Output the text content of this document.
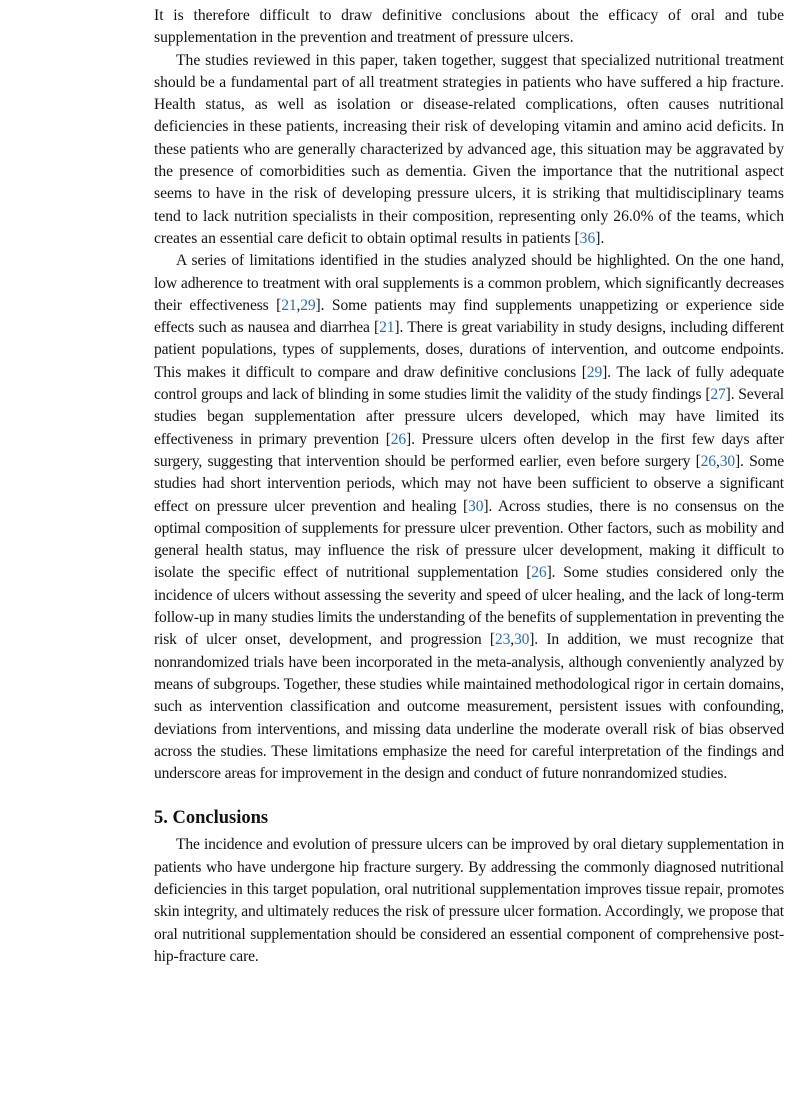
It is therefore difficult to draw definitive conclusions about the efficacy of oral and tube supplementation in the prevention and treatment of pressure ulcers.

The studies reviewed in this paper, taken together, suggest that specialized nutritional treatment should be a fundamental part of all treatment strategies in patients who have suffered a hip fracture. Health status, as well as isolation or disease-related complications, often causes nutritional deficiencies in these patients, increasing their risk of developing vitamin and amino acid deficits. In these patients who are generally characterized by advanced age, this situation may be aggravated by the presence of comorbidities such as dementia. Given the importance that the nutritional aspect seems to have in the risk of developing pressure ulcers, it is striking that multidisciplinary teams tend to lack nutrition specialists in their composition, representing only 26.0% of the teams, which creates an essential care deficit to obtain optimal results in patients [36].

A series of limitations identified in the studies analyzed should be highlighted. On the one hand, low adherence to treatment with oral supplements is a common problem, which significantly decreases their effectiveness [21,29]. Some patients may find supplements unappetizing or experience side effects such as nausea and diarrhea [21]. There is great variability in study designs, including different patient populations, types of supplements, doses, durations of intervention, and outcome endpoints. This makes it difficult to compare and draw definitive conclusions [29]. The lack of fully adequate control groups and lack of blinding in some studies limit the validity of the study findings [27]. Several studies began supplementation after pressure ulcers developed, which may have limited its effectiveness in primary prevention [26]. Pressure ulcers often develop in the first few days after surgery, suggesting that intervention should be performed earlier, even before surgery [26,30]. Some studies had short intervention periods, which may not have been sufficient to observe a significant effect on pressure ulcer prevention and healing [30]. Across studies, there is no consensus on the optimal composition of supplements for pressure ulcer prevention. Other factors, such as mobility and general health status, may influence the risk of pressure ulcer development, making it difficult to isolate the specific effect of nutritional supplementation [26]. Some studies considered only the incidence of ulcers without assessing the severity and speed of ulcer healing, and the lack of long-term follow-up in many studies limits the understanding of the benefits of supplementation in preventing the risk of ulcer onset, development, and progression [23,30]. In addition, we must recognize that nonrandomized trials have been incorporated in the meta-analysis, although conveniently analyzed by means of subgroups. Together, these studies while maintained methodological rigor in certain domains, such as intervention classification and outcome measurement, persistent issues with confounding, deviations from interventions, and missing data underline the moderate overall risk of bias observed across the studies. These limitations emphasize the need for careful interpretation of the findings and underscore areas for improvement in the design and conduct of future nonrandomized studies.

5. Conclusions

The incidence and evolution of pressure ulcers can be improved by oral dietary supplementation in patients who have undergone hip fracture surgery. By addressing the commonly diagnosed nutritional deficiencies in this target population, oral nutritional supplementation improves tissue repair, promotes skin integrity, and ultimately reduces the risk of pressure ulcer formation. Accordingly, we propose that oral nutritional supplementation should be considered an essential component of comprehensive post-hip-fracture care.
